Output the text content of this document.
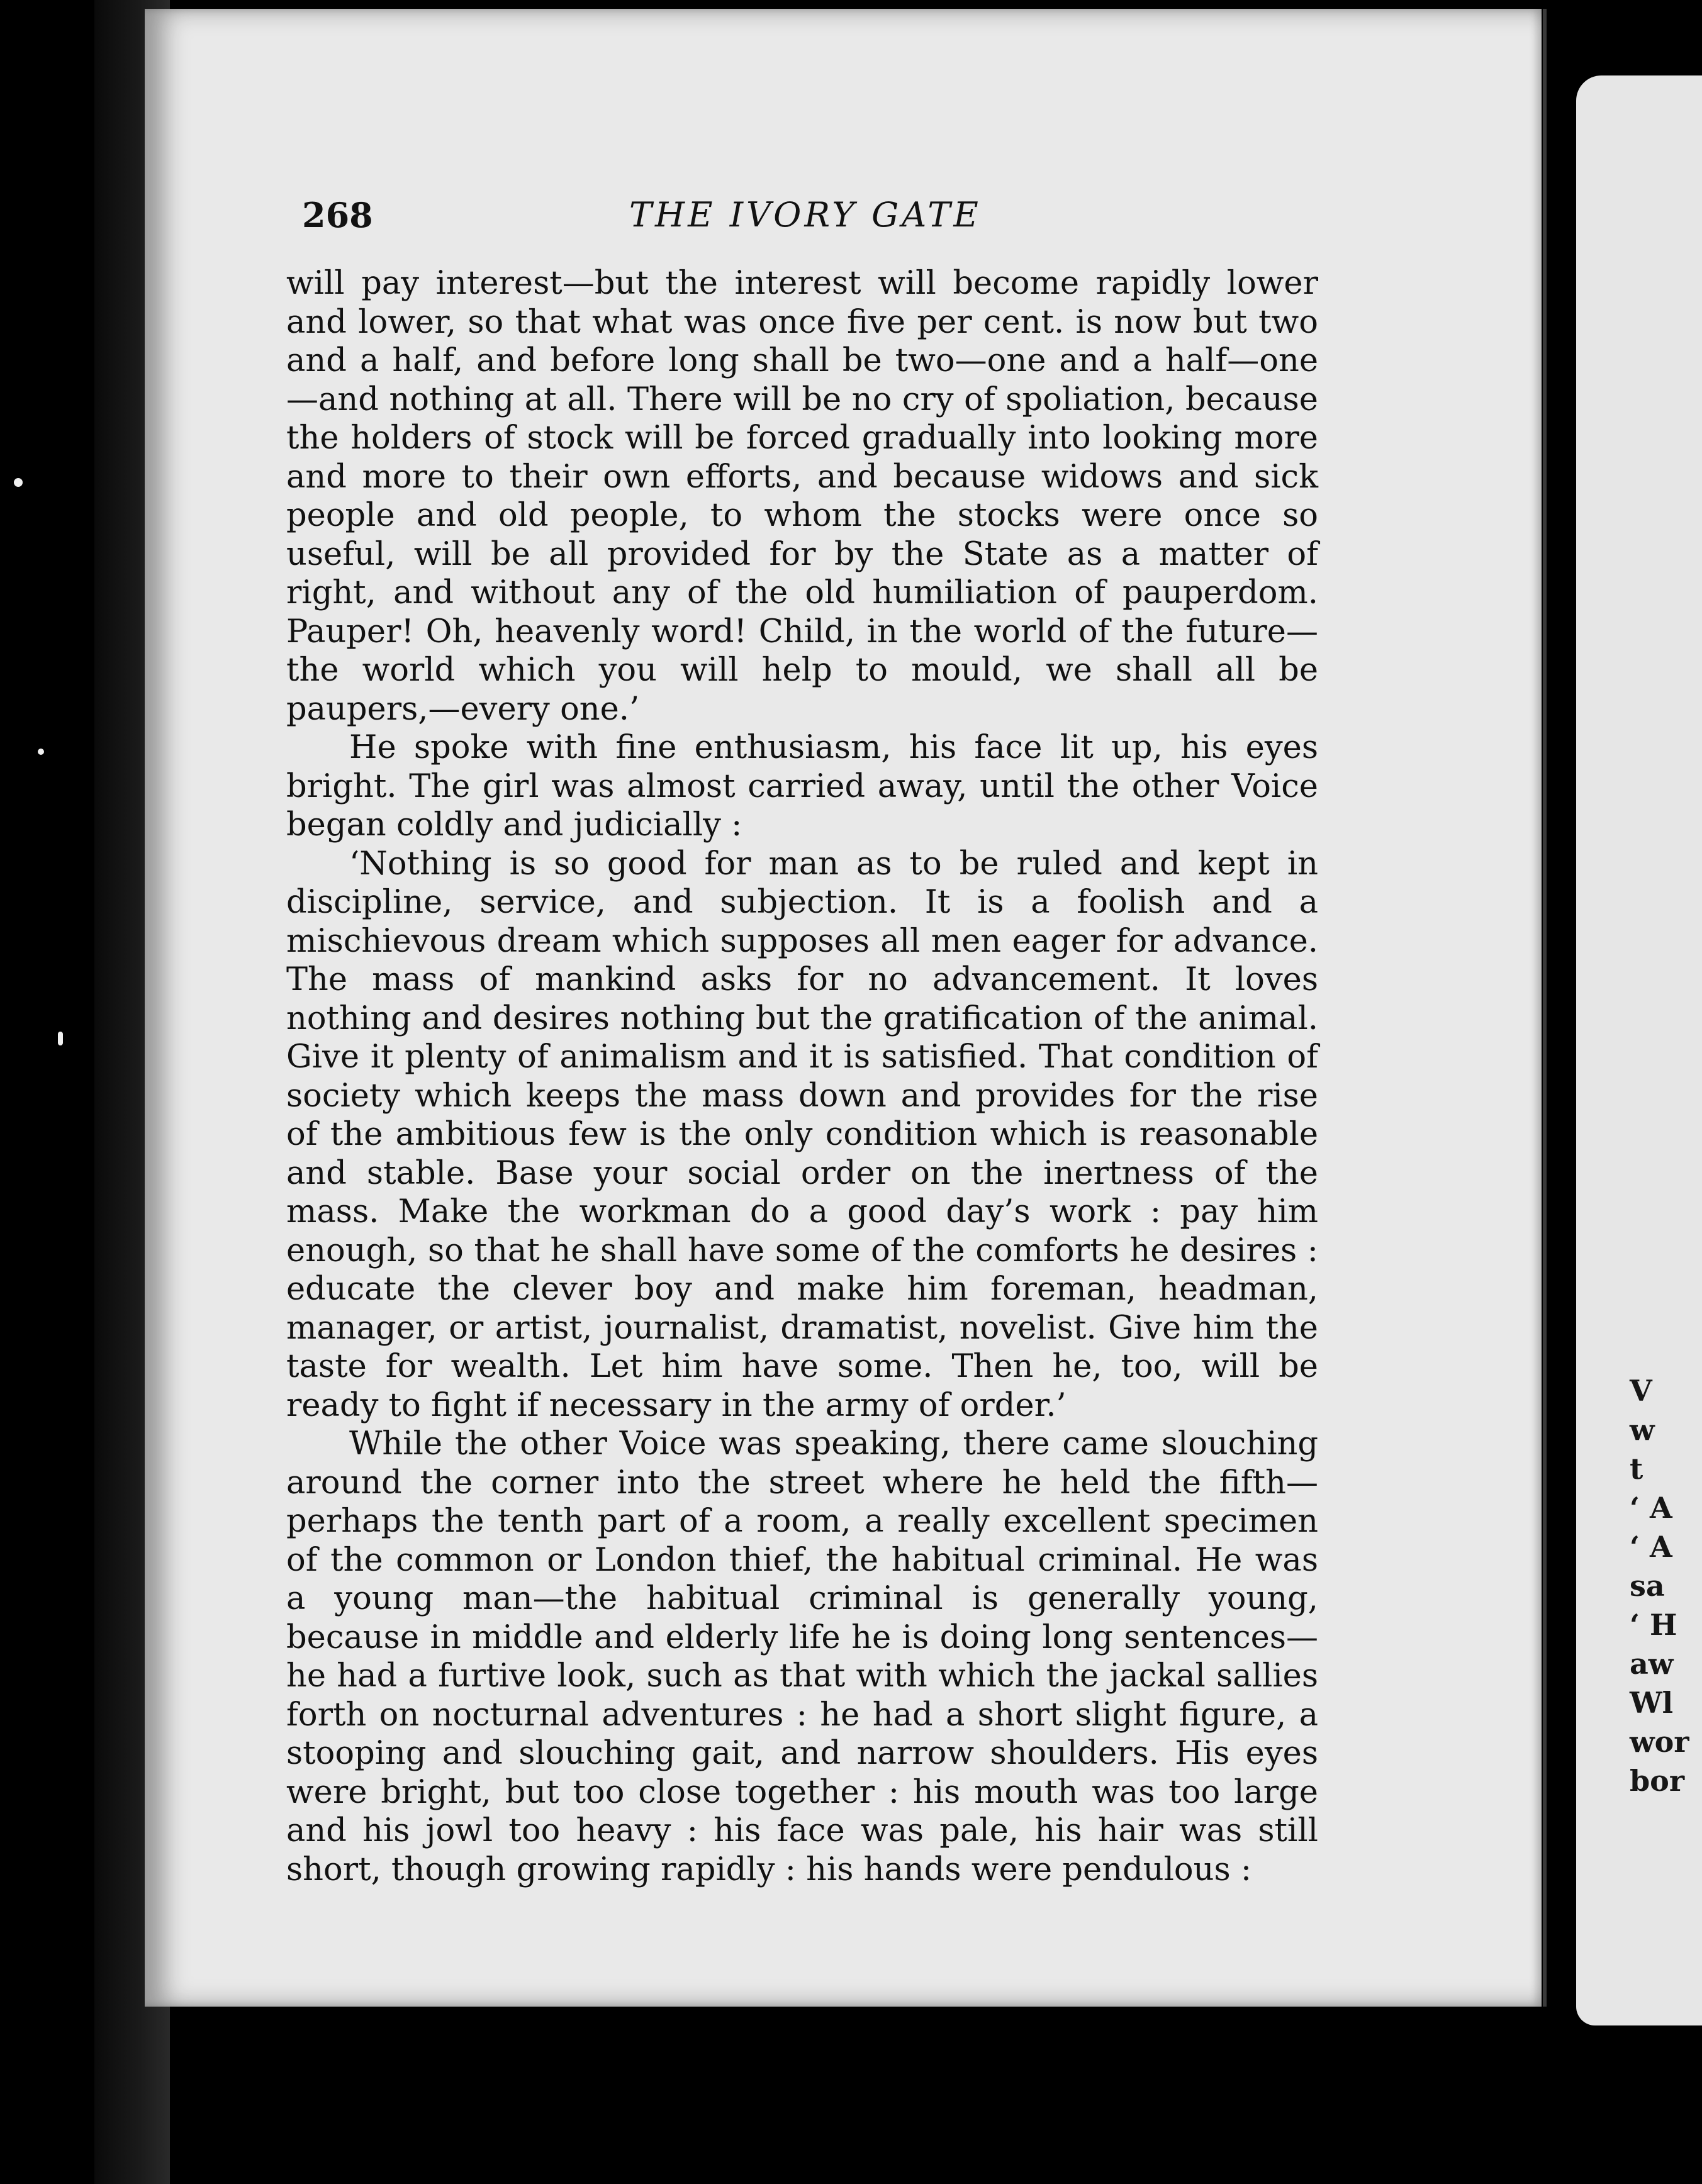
268	THE IVORY GATE

will pay interest—but the interest will become rapidly lower and lower, so that what was once five per cent. is now but two and a half, and before long shall be two—one and a half—one —and nothing at all. There will be no cry of spoliation, because the holders of stock will be forced gradually into looking more and more to their own efforts, and because widows and sick people and old people, to whom the stocks were once so useful, will be all provided for by the State as a matter of right, and without any of the old humiliation of pauperdom. Pauper! Oh, heavenly word! Child, in the world of the future—the world which you will help to mould, we shall all be paupers,—every one.’

He spoke with fine enthusiasm, his face lit up, his eyes bright. The girl was almost carried away, until the other Voice began coldly and judicially :

‘Nothing is so good for man as to be ruled and kept in discipline, service, and subjection. It is a foolish and a mischievous dream which supposes all men eager for advance. The mass of mankind asks for no advancement. It loves nothing and desires nothing but the gratification of the animal. Give it plenty of animalism and it is satisfied. That condition of society which keeps the mass down and provides for the rise of the ambitious few is the only condition which is reasonable and stable. Base your social order on the inertness of the mass. Make the workman do a good day’s work : pay him enough, so that he shall have some of the comforts he desires : educate the clever boy and make him foreman, headman, manager, or artist, journalist, dramatist, novelist. Give him the taste for wealth. Let him have some. Then he, too, will be ready to fight if necessary in the army of order.’

While the other Voice was speaking, there came slouching around the corner into the street where he held the fifth—perhaps the tenth part of a room, a really excellent specimen of the common or London thief, the habitual criminal. He was a young man—the habitual criminal is generally young, because in middle and elderly life he is doing long sentences—he had a furtive look, such as that with which the jackal sallies forth on nocturnal adventures : he had a short slight figure, a stooping and slouching gait, and narrow shoulders. His eyes were bright, but too close together : his mouth was too large and his jowl too heavy : his face was pale, his hair was still short, though growing rapidly : his hands were pendulous :

V
w
t
‘ A
‘ A
sa
‘ H
aw
Wl
wor
bor
